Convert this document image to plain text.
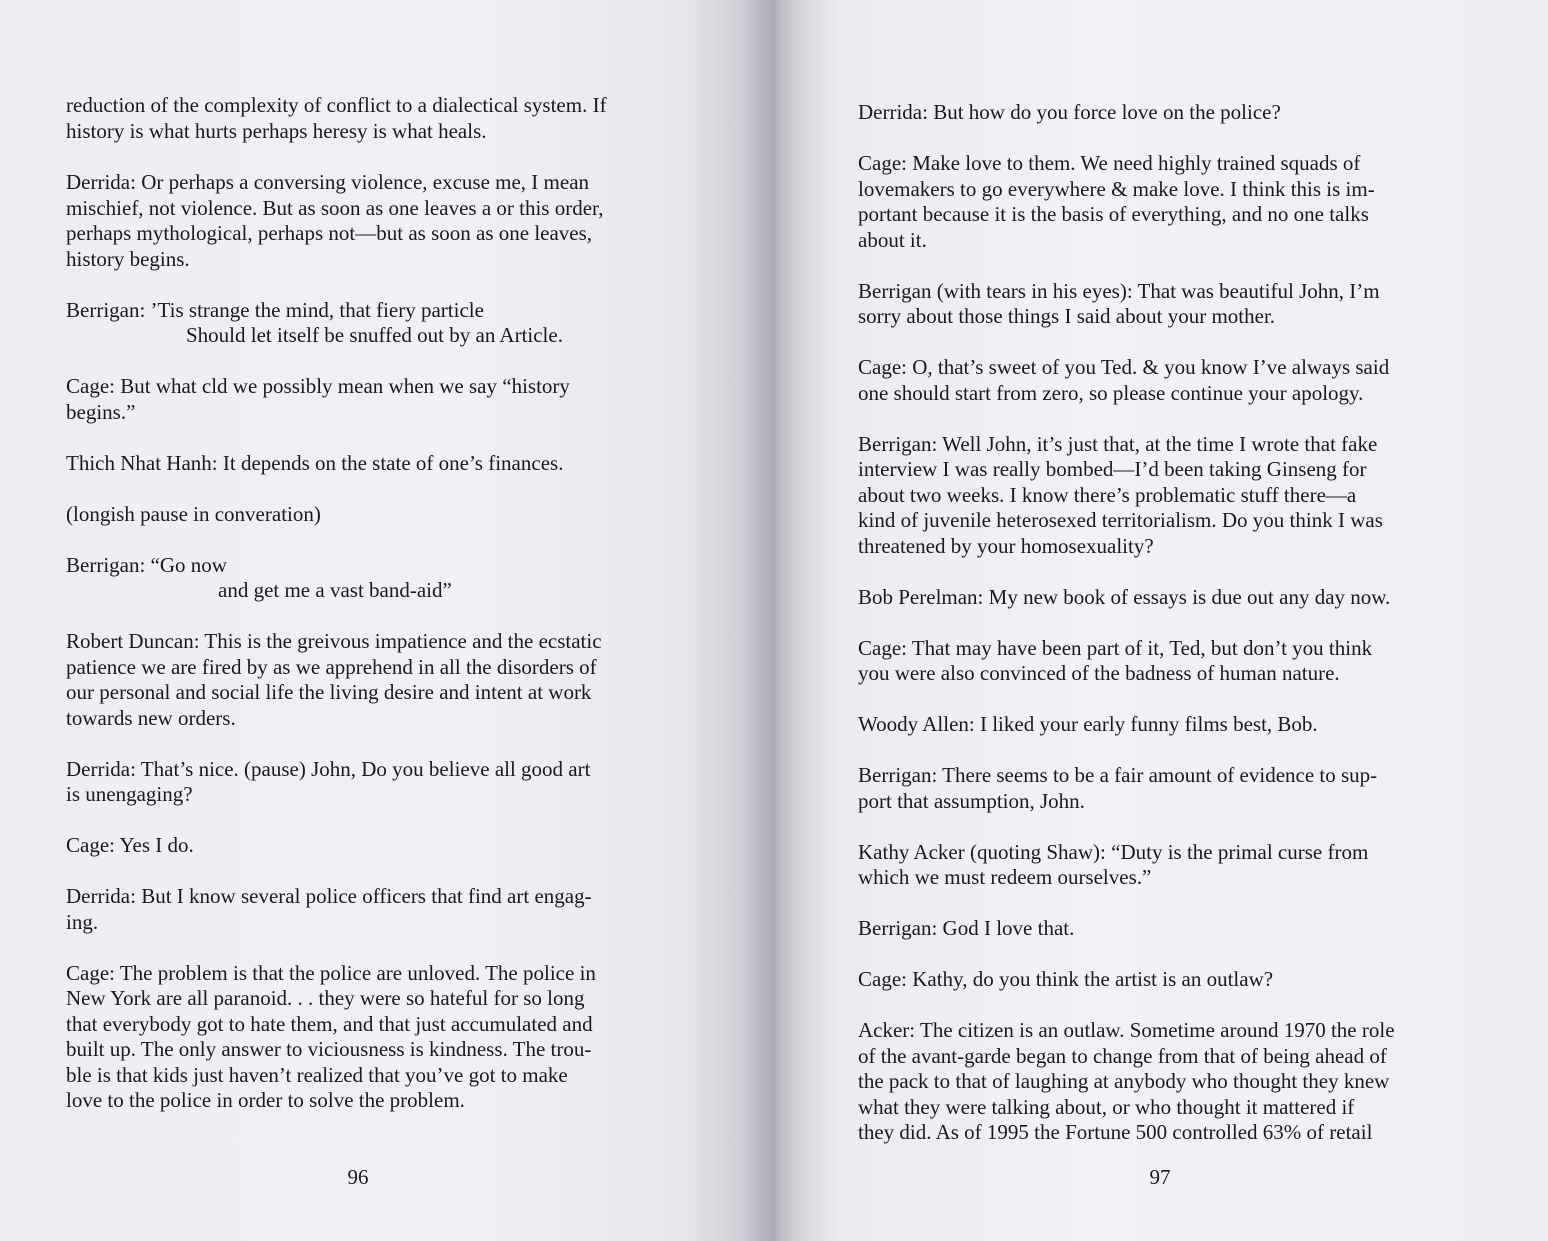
reduction of the complexity of conflict to a dialectical system. If
history is what hurts perhaps heresy is what heals.
Derrida: Or perhaps a conversing violence, excuse me, I mean
mischief, not violence. But as soon as one leaves a or this order,
perhaps mythological, perhaps not—but as soon as one leaves,
history begins.
Berrigan: ’Tis strange the mind, that fiery particle
Should let itself be snuffed out by an Article.
Cage: But what cld we possibly mean when we say “history
begins.”
Thich Nhat Hanh: It depends on the state of one’s finances.
(longish pause in converation)
Berrigan: “Go now
and get me a vast band-aid”
Robert Duncan: This is the greivous impatience and the ecstatic
patience we are fired by as we apprehend in all the disorders of
our personal and social life the living desire and intent at work
towards new orders.
Derrida: That’s nice. (pause) John, Do you believe all good art
is unengaging?
Cage: Yes I do.
Derrida: But I know several police officers that find art engag-
ing.
Cage: The problem is that the police are unloved. The police in
New York are all paranoid. . . they were so hateful for so long
that everybody got to hate them, and that just accumulated and
built up. The only answer to viciousness is kindness. The trou-
ble is that kids just haven’t realized that you’ve got to make
love to the police in order to solve the problem.
96
Derrida: But how do you force love on the police?
Cage: Make love to them. We need highly trained squads of
lovemakers to go everywhere & make love. I think this is im-
portant because it is the basis of everything, and no one talks
about it.
Berrigan (with tears in his eyes): That was beautiful John, I’m
sorry about those things I said about your mother.
Cage: O, that’s sweet of you Ted. & you know I’ve always said
one should start from zero, so please continue your apology.
Berrigan: Well John, it’s just that, at the time I wrote that fake
interview I was really bombed—I’d been taking Ginseng for
about two weeks. I know there’s problematic stuff there—a
kind of juvenile heterosexed territorialism. Do you think I was
threatened by your homosexuality?
Bob Perelman: My new book of essays is due out any day now.
Cage: That may have been part of it, Ted, but don’t you think
you were also convinced of the badness of human nature.
Woody Allen: I liked your early funny films best, Bob.
Berrigan: There seems to be a fair amount of evidence to sup-
port that assumption, John.
Kathy Acker (quoting Shaw): “Duty is the primal curse from
which we must redeem ourselves.”
Berrigan: God I love that.
Cage: Kathy, do you think the artist is an outlaw?
Acker: The citizen is an outlaw. Sometime around 1970 the role
of the avant-garde began to change from that of being ahead of
the pack to that of laughing at anybody who thought they knew
what they were talking about, or who thought it mattered if
they did. As of 1995 the Fortune 500 controlled 63% of retail
97
